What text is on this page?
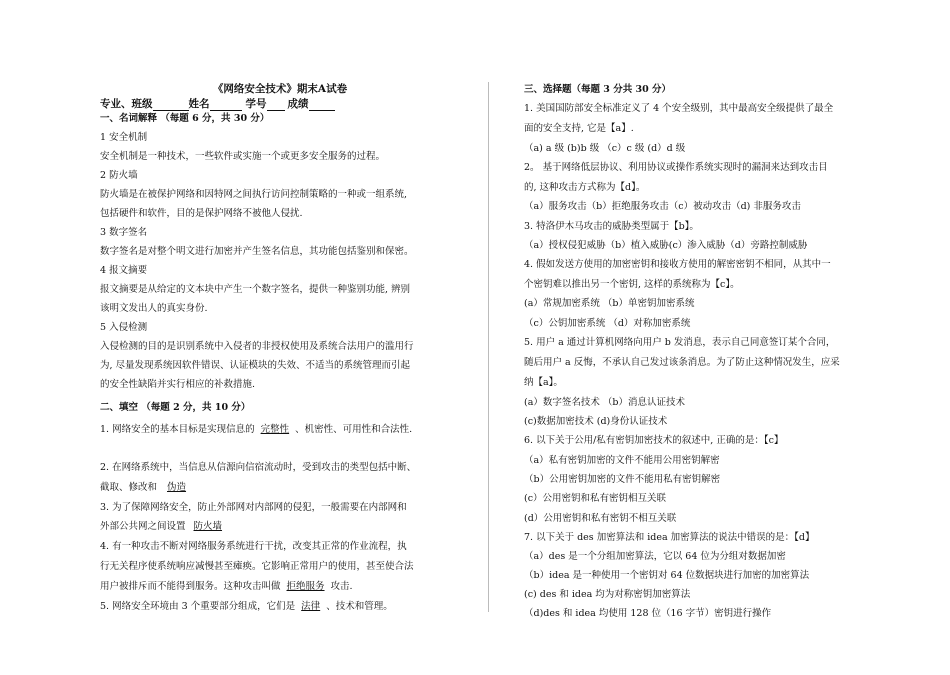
《网络安全技术》期末A试卷
专业、班级	姓名	学号 成绩
一、名词解释 （每题 6 分，共 30 分）
1 安全机制
安全机制是一种技术，一些软件或实施一个或更多安全服务的过程。
2 防火墙
防火墙是在被保护网络和因特网之间执行访问控制策略的一种或一组系统,
包括硬件和软件，目的是保护网络不被他人侵扰.
3 数字签名
数字签名是对整个明文进行加密并产生签名信息，其功能包括鉴别和保密。
4 报文摘要
报文摘要是从给定的文本块中产生一个数字签名，提供一种鉴别功能, 辨别
该明文发出人的真实身份.
5 入侵检测
入侵检测的目的是识别系统中入侵者的非授权使用及系统合法用户的滥用行
为, 尽量发现系统因软件错误、认证模块的失效、不适当的系统管理而引起
的安全性缺陷并实行相应的补救措施.
二、填空 （每题 2 分，共 10 分）
1. 网络安全的基本目标是实现信息的 完整性 、机密性、可用性和合法性.
2. 在网络系统中，当信息从信源向信宿流动时，受到攻击的类型包括中断、
截取、修改和 伪造
3. 为了保障网络安全，防止外部网对内部网的侵犯，一般需要在内部网和
外部公共网之间设置 防火墙
4. 有一种攻击不断对网络服务系统进行干扰，改变其正常的作业流程，执
行无关程序使系统响应减慢甚至瘫痪。它影响正常用户的使用，甚至使合法
用户被排斥而不能得到服务。这种攻击叫做 拒绝服务 攻击.
5. 网络安全环境由 3 个重要部分组成，它们是 法律 、技术和管理。
三、选择题（每题 3 分共 30 分）
1. 美国国防部安全标准定义了 4 个安全级别，其中最高安全级提供了最全
面的安全支持, 它是【a】.
（a) a 级 (b)b 级 （c）c 级 (d）d 级
2。 基于网络低层协议、利用协议或操作系统实现时的漏洞来达到攻击目
的, 这种攻击方式称为【d】。
（a）服务攻击（b）拒绝服务攻击（c）被动攻击（d) 非服务攻击
3. 特洛伊木马攻击的威胁类型属于【b】。
（a）授权侵犯威胁（b）植入威胁(c）渗入威胁（d）旁路控制威胁
4. 假如发送方使用的加密密钥和接收方使用的解密密钥不相同，从其中一
个密钥难以推出另一个密钥, 这样的系统称为【c】。
(a）常规加密系统 （b）单密钥加密系统
（c）公钥加密系统 （d）对称加密系统
5. 用户 a 通过计算机网络向用户 b 发消息，表示自己同意签订某个合同，
随后用户 a 反悔，不承认自己发过该条消息。为了防止这种情况发生，应采
纳【a】。
(a）数字签名技术 （b）消息认证技术
(c)数据加密技术 (d)身份认证技术
6. 以下关于公用/私有密钥加密技术的叙述中, 正确的是：【c】
（a）私有密钥加密的文件不能用公用密钥解密
（b）公用密钥加密的文件不能用私有密钥解密
(c）公用密钥和私有密钥相互关联
(d）公用密钥和私有密钥不相互关联
7. 以下关于 des 加密算法和 idea 加密算法的说法中错误的是：【d】
（a）des 是一个分组加密算法，它以 64 位为分组对数据加密
（b）idea 是一种使用一个密钥对 64 位数据块进行加密的加密算法
(c) des 和 idea 均为对称密钥加密算法
（d)des 和 idea 均使用 128 位（16 字节）密钥进行操作
